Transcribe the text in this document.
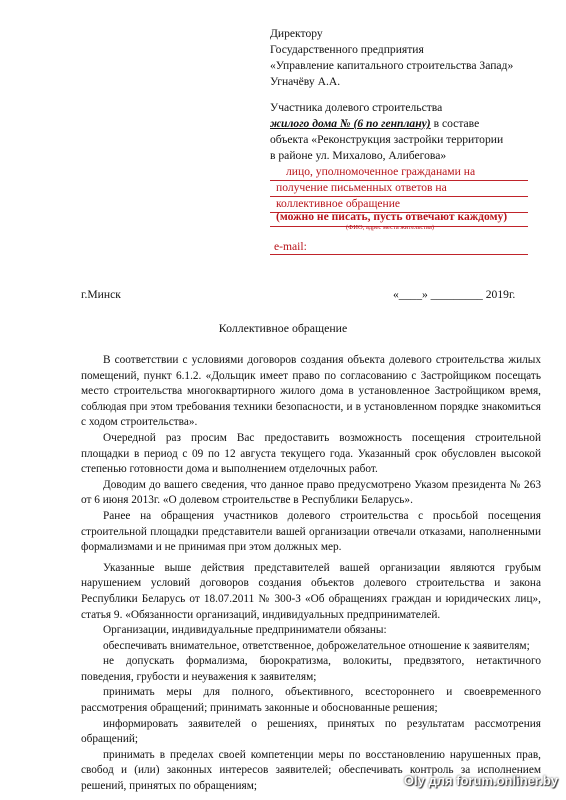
Директору
Государственного предприятия
«Управление капитального строительства Запад»
Угначёву А.А.
Участника долевого строительства
жилого дома № (6 по генплану) в составе
объекта «Реконструкция застройки территории
в районе ул. Михалово, Алибегова»
лицо, уполномоченное гражданами на
получение письменных ответов на
коллективное обращение
(можно не писать, пусть отвечают каждому)
(ФИО, адрес места жительства)
e-mail:
г.Минск	«____» _________ 2019г.
Коллективное обращение

В соответствии с условиями договоров создания объекта долевого строительства жилых помещений, пункт 6.1.2. «Дольщик имеет право по согласованию с Застройщиком посещать место строительства многоквартирного жилого дома в установленное Застройщиком время, соблюдая при этом требования техники безопасности, и в установленном порядке знакомиться с ходом строительства».

Очередной раз просим Вас предоставить возможность посещения строительной площадки в период с 09 по 12 августа текущего года. Указанный срок обусловлен высокой степенью готовности дома и выполнением отделочных работ.

Доводим до вашего сведения, что данное право предусмотрено Указом президента № 263 от 6 июня 2013г. «О долевом строительстве в Республики Беларусь».

Ранее на обращения участников долевого строительства с просьбой посещения строительной площадки представители вашей организации отвечали отказами, наполненными формализмами и не принимая при этом должных мер.

Указанные выше действия представителей вашей организации являются грубым нарушением условий договоров создания объектов долевого строительства и закона Республики Беларусь от 18.07.2011 № 300-З «Об обращениях граждан и юридических лиц», статья 9. «Обязанности организаций, индивидуальных предпринимателей.

Организации, индивидуальные предприниматели обязаны:

обеспечивать внимательное, ответственное, доброжелательное отношение к заявителям;

не допускать формализма, бюрократизма, волокиты, предвзятого, нетактичного поведения, грубости и неуважения к заявителям;

принимать меры для полного, объективного, всестороннего и своевременного рассмотрения обращений; принимать законные и обоснованные решения;

информировать заявителей о решениях, принятых по результатам рассмотрения обращений;

принимать в пределах своей компетенции меры по восстановлению нарушенных прав, свобод и (или) законных интересов заявителей; обеспечивать контроль за исполнением решений, принятых по обращениям;	Oly для forum.onliner.by
